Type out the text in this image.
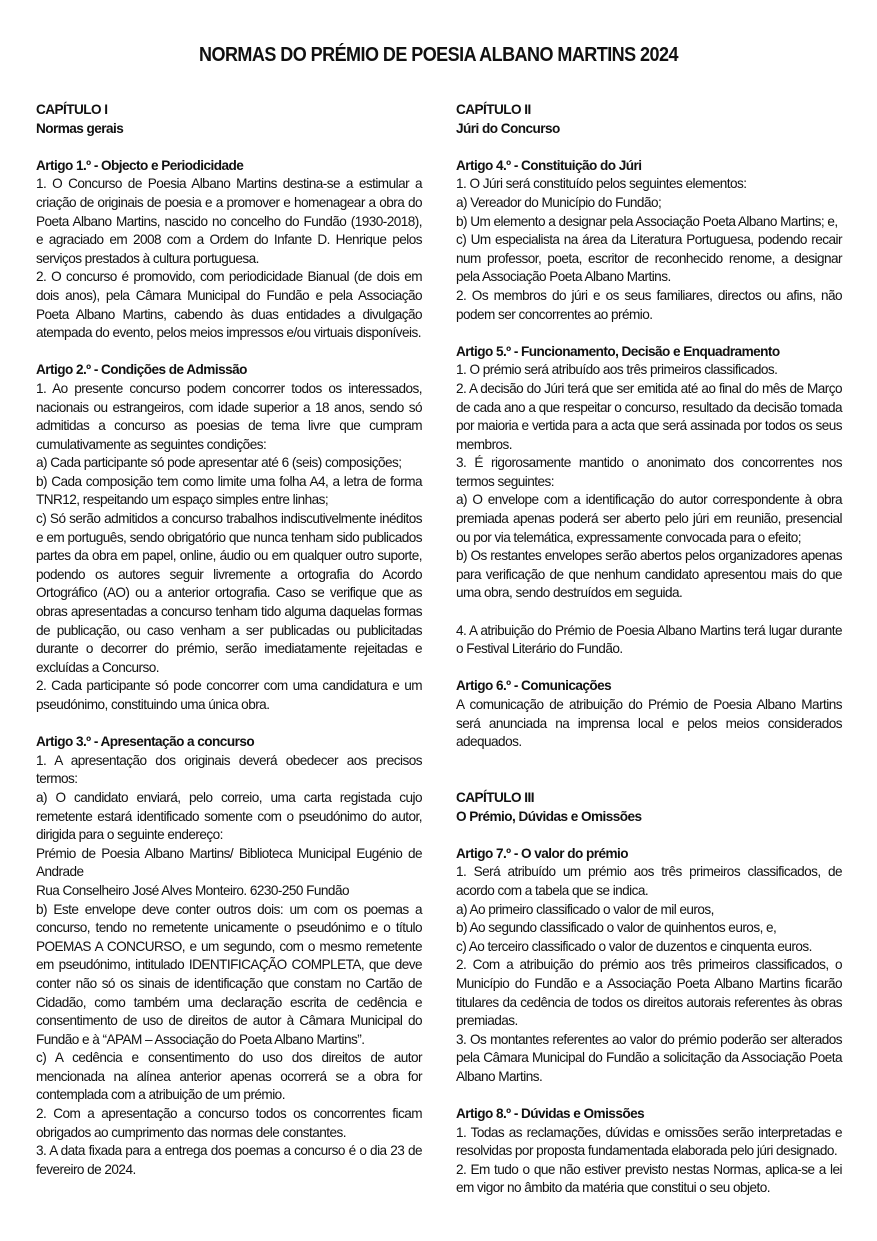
NORMAS DO PRÉMIO DE POESIA ALBANO MARTINS 2024
CAPÍTULO I
Normas gerais
Artigo 1.º - Objecto e Periodicidade

1. O Concurso de Poesia Albano Martins destina-se a estimular a criação de originais de poesia e a promover e homenagear a obra do Poeta Albano Martins, nascido no concelho do Fundão (1930-2018), e agraciado em 2008 com a Ordem do Infante D. Henrique pelos serviços prestados à cultura portuguesa.

2. O concurso é promovido, com periodicidade Bianual (de dois em dois anos), pela Câmara Municipal do Fundão e pela Associação Poeta Albano Martins, cabendo às duas entidades a divulgação atempada do evento, pelos meios impressos e/ou virtuais disponíveis.

Artigo 2.º - Condições de Admissão

1. Ao presente concurso podem concorrer todos os interessados, nacionais ou estrangeiros, com idade superior a 18 anos, sendo só admitidas a concurso as poesias de tema livre que cumpram cumulativamente as seguintes condições:

a) Cada participante só pode apresentar até 6 (seis) composições;

b) Cada composição tem como limite uma folha A4, a letra de forma TNR12, respeitando um espaço simples entre linhas;

c) Só serão admitidos a concurso trabalhos indiscutivelmente inéditos e em português, sendo obrigatório que nunca tenham sido publicados partes da obra em papel, online, áudio ou em qualquer outro suporte, podendo os autores seguir livremente a ortografia do Acordo Ortográfico (AO) ou a anterior ortografia. Caso se verifique que as obras apresentadas a concurso tenham tido alguma daquelas formas de publicação, ou caso venham a ser publicadas ou publicitadas durante o decorrer do prémio, serão imediatamente rejeitadas e excluídas a Concurso.

2. Cada participante só pode concorrer com uma candidatura e um pseudónimo, constituindo uma única obra.

Artigo 3.º - Apresentação a concurso

1. A apresentação dos originais deverá obedecer aos precisos termos:

a) O candidato enviará, pelo correio, uma carta registada cujo remetente estará identificado somente com o pseudónimo do autor, dirigida para o seguinte endereço:

Prémio de Poesia Albano Martins/ Biblioteca Municipal Eugénio de Andrade

Rua Conselheiro José Alves Monteiro. 6230-250 Fundão

b) Este envelope deve conter outros dois: um com os poemas a concurso, tendo no remetente unicamente o pseudónimo e o título POEMAS A CONCURSO, e um segundo, com o mesmo remetente em pseudónimo, intitulado IDENTIFICAÇÃO COMPLETA, que deve conter não só os sinais de identificação que constam no Cartão de Cidadão, como também uma declaração escrita de cedência e consentimento de uso de direitos de autor à Câmara Municipal do Fundão e à “APAM – Associação do Poeta Albano Martins”.

c) A cedência e consentimento do uso dos direitos de autor mencionada na alínea anterior apenas ocorrerá se a obra for contemplada com a atribuição de um prémio.

2. Com a apresentação a concurso todos os concorrentes ficam obrigados ao cumprimento das normas dele constantes.

3. A data fixada para a entrega dos poemas a concurso é o dia 23 de fevereiro de 2024.

CAPÍTULO II
Júri do Concurso
Artigo 4.º - Constituição do Júri

1. O Júri será constituído pelos seguintes elementos:

a) Vereador do Município do Fundão;

b) Um elemento a designar pela Associação Poeta Albano Martins; e,

c) Um especialista na área da Literatura Portuguesa, podendo recair num professor, poeta, escritor de reconhecido renome, a designar pela Associação Poeta Albano Martins.

2. Os membros do júri e os seus familiares, directos ou afins, não podem ser concorrentes ao prémio.

Artigo 5.º - Funcionamento, Decisão e Enquadramento

1. O prémio será atribuído aos três primeiros classificados.

2. A decisão do Júri terá que ser emitida até ao final do mês de Março de cada ano a que respeitar o concurso, resultado da decisão tomada por maioria e vertida para a acta que será assinada por todos os seus membros.

3. É rigorosamente mantido o anonimato dos concorrentes nos termos seguintes:

a) O envelope com a identificação do autor correspondente à obra premiada apenas poderá ser aberto pelo júri em reunião, presencial ou por via telemática, expressamente convocada para o efeito;

b) Os restantes envelopes serão abertos pelos organizadores apenas para verificação de que nenhum candidato apresentou mais do que uma obra, sendo destruídos em seguida.

4. A atribuição do Prémio de Poesia Albano Martins terá lugar durante o Festival Literário do Fundão.

Artigo 6.º - Comunicações

A comunicação de atribuição do Prémio de Poesia Albano Martins será anunciada na imprensa local e pelos meios considerados adequados.

CAPÍTULO III
O Prémio, Dúvidas e Omissões
Artigo 7.º - O valor do prémio

1. Será atribuído um prémio aos três primeiros classificados, de acordo com a tabela que se indica.

a) Ao primeiro classificado o valor de mil euros,

b) Ao segundo classificado o valor de quinhentos euros, e,

c) Ao terceiro classificado o valor de duzentos e cinquenta euros.

2. Com a atribuição do prémio aos três primeiros classificados, o Município do Fundão e a Associação Poeta Albano Martins ficarão titulares da cedência de todos os direitos autorais referentes às obras premiadas.

3. Os montantes referentes ao valor do prémio poderão ser alterados pela Câmara Municipal do Fundão a solicitação da Associação Poeta Albano Martins.

Artigo 8.º - Dúvidas e Omissões

1. Todas as reclamações, dúvidas e omissões serão interpretadas e resolvidas por proposta fundamentada elaborada pelo júri designado.

2. Em tudo o que não estiver previsto nestas Normas, aplica-se a lei em vigor no âmbito da matéria que constitui o seu objeto.
